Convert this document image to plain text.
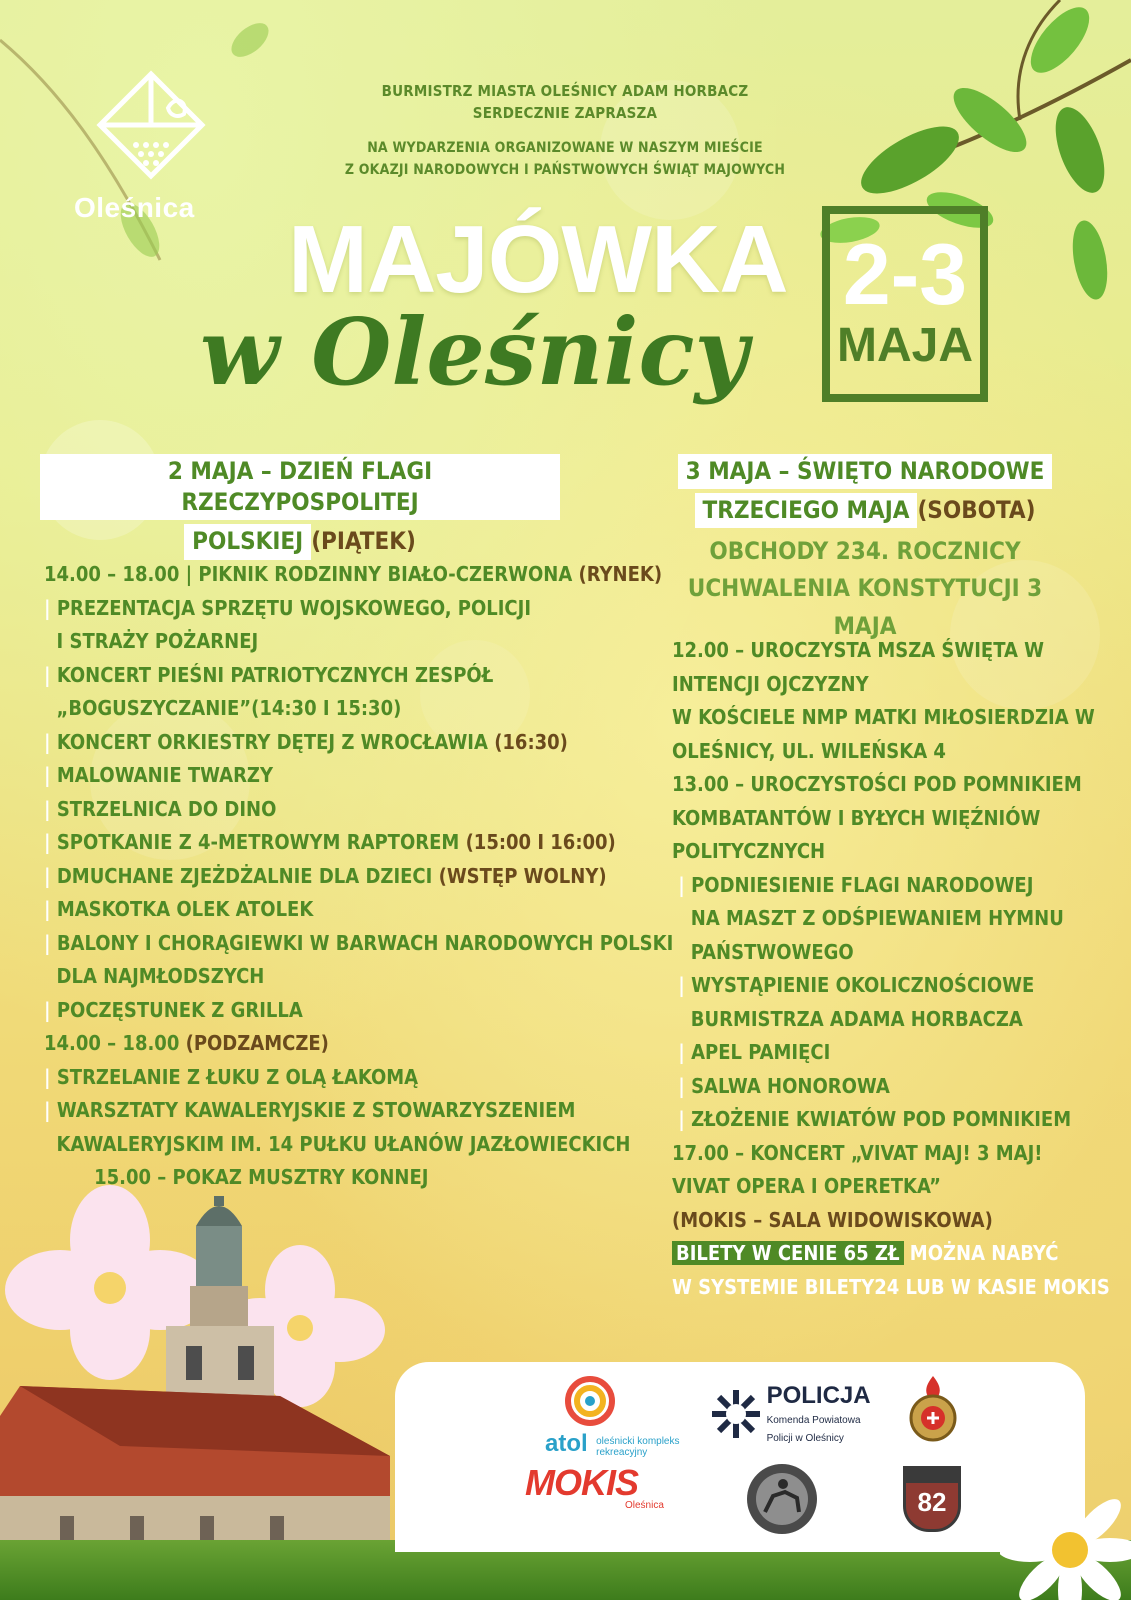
Oleśnica
BURMISTRZ MIASTA OLEŚNICY ADAM HORBACZ
SERDECZNIE ZAPRASZA
NA WYDARZENIA ORGANIZOWANE W NASZYM MIEŚCIE
Z OKAZJI NARODOWYCH I PAŃSTWOWYCH ŚWIĄT MAJOWYCH
MAJÓWKA
w Oleśnicy
2-3
MAJA
2 MAJA – DZIEŃ FLAGI RZECZYPOSPOLITEJ
POLSKIEJ (PIĄTEK)
3 MAJA – ŚWIĘTO NARODOWE
TRZECIEGO MAJA (SOBOTA)
OBCHODY 234. ROCZNICY
UCHWALENIA KONSTYTUCJI 3 MAJA
14.00 – 18.00 | PIKNIK RODZINNY BIAŁO-CZERWONA (RYNEK)
| PREZENTACJA SPRZĘTU WOJSKOWEGO, POLICJI
I STRAŻY POŻARNEJ
| KONCERT PIEŚNI PATRIOTYCZNYCH ZESPÓŁ
„BOGUSZYCZANIE”(14:30 I 15:30)
| KONCERT ORKIESTRY DĘTEJ Z WROCŁAWIA (16:30)
| MALOWANIE TWARZY
| STRZELNICA DO DINO
| SPOTKANIE Z 4-METROWYM RAPTOREM (15:00 I 16:00)
| DMUCHANE ZJEŻDŻALNIE DLA DZIECI (WSTĘP WOLNY)
| MASKOTKA OLEK ATOLEK
| BALONY I CHORĄGIEWKI W BARWACH NARODOWYCH POLSKI
DLA NAJMŁODSZYCH
| POCZĘSTUNEK Z GRILLA
14.00 – 18.00 (PODZAMCZE)
| STRZELANIE Z ŁUKU Z OLĄ ŁAKOMĄ
| WARSZTATY KAWALERYJSKIE Z STOWARZYSZENIEM
KAWALERYJSKIM IM. 14 PUŁKU UŁANÓW JAZŁOWIECKICH
15.00 – POKAZ MUSZTRY KONNEJ
12.00 – UROCZYSTA MSZA ŚWIĘTA W
INTENCJI OJCZYZNY
W KOŚCIELE NMP MATKI MIŁOSIERDZIA W
OLEŚNICY, UL. WILEŃSKA 4
13.00 – UROCZYSTOŚCI POD POMNIKIEM
KOMBATANTÓW I BYŁYCH WIĘŹNIÓW
POLITYCZNYCH
| PODNIESIENIE FLAGI NARODOWEJ
NA MASZT Z ODŚPIEWANIEM HYMNU
PAŃSTWOWEGO
| WYSTĄPIENIE OKOLICZNOŚCIOWE
BURMISTRZA ADAMA HORBACZA
| APEL PAMIĘCI
| SALWA HONOROWA
| ZŁOŻENIE KWIATÓW POD POMNIKIEM
17.00 – KONCERT „VIVAT MAJ! 3 MAJ!
VIVAT OPERA I OPERETKA”
(MOKIS – SALA WIDOWISKOWA)
BILETY W CENIE 65 ZŁ MOŻNA NABYĆ
W SYSTEMIE BILETY24 LUB W KASIE MOKIS
atol oleśnicki kompleks
rekreacyjny
POLICJA
Komenda Powiatowa
Policji w Oleśnicy
MOKIS
Oleśnica	82
